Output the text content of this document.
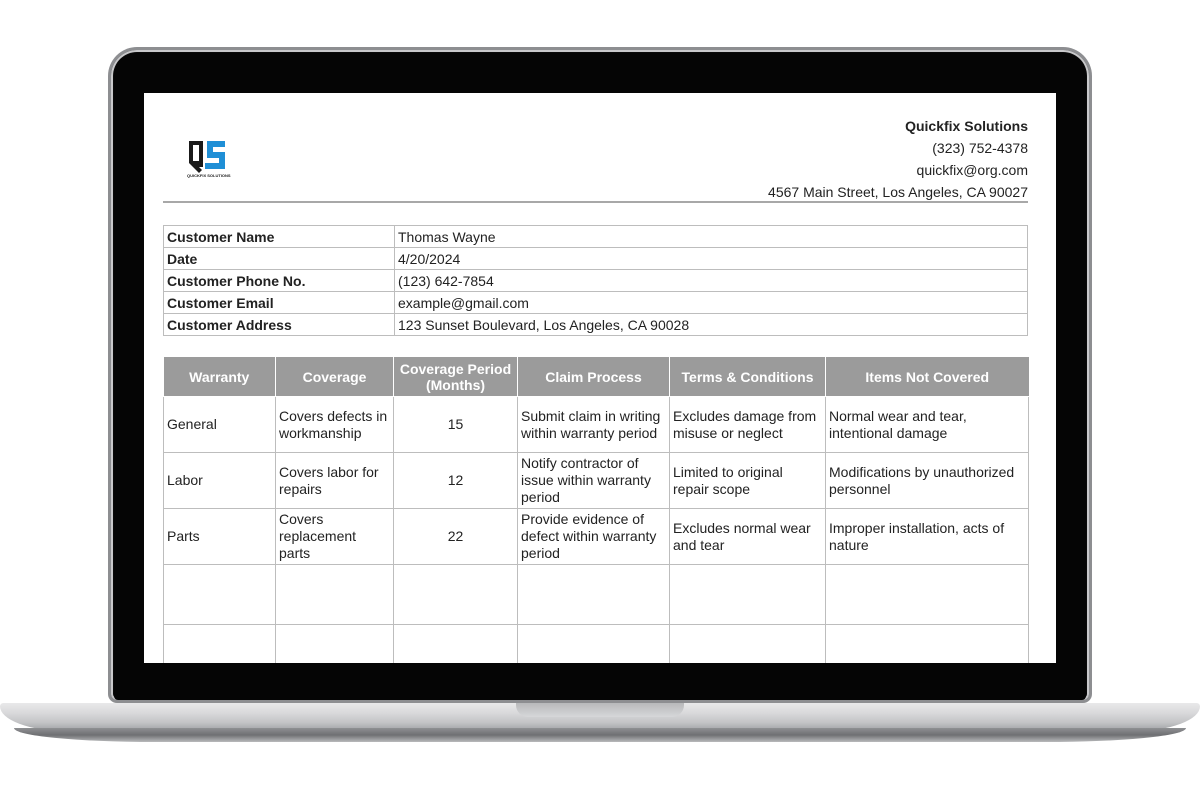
QUICKFIX SOLUTIONS
Quickfix Solutions
(323) 752-4378
quickfix@org.com
4567 Main Street, Los Angeles, CA 90027
Customer Name	Thomas Wayne
Date	4/20/2024
Customer Phone No.	(123) 642-7854
Customer Email	example@gmail.com
Customer Address	123 Sunset Boulevard, Los Angeles, CA 90028
Warranty	Coverage	Coverage Period (Months)	Claim Process	Terms & Conditions	Items Not Covered
General	Covers defects in workmanship	15	Submit claim in writing within warranty period	Excludes damage from misuse or neglect	Normal wear and tear, intentional damage
Labor	Covers labor for repairs	12	Notify contractor of issue within warranty period	Limited to original repair scope	Modifications by unauthorized personnel
Parts	Covers replacement parts	22	Provide evidence of defect within warranty period	Excludes normal wear and tear	Improper installation, acts of nature
